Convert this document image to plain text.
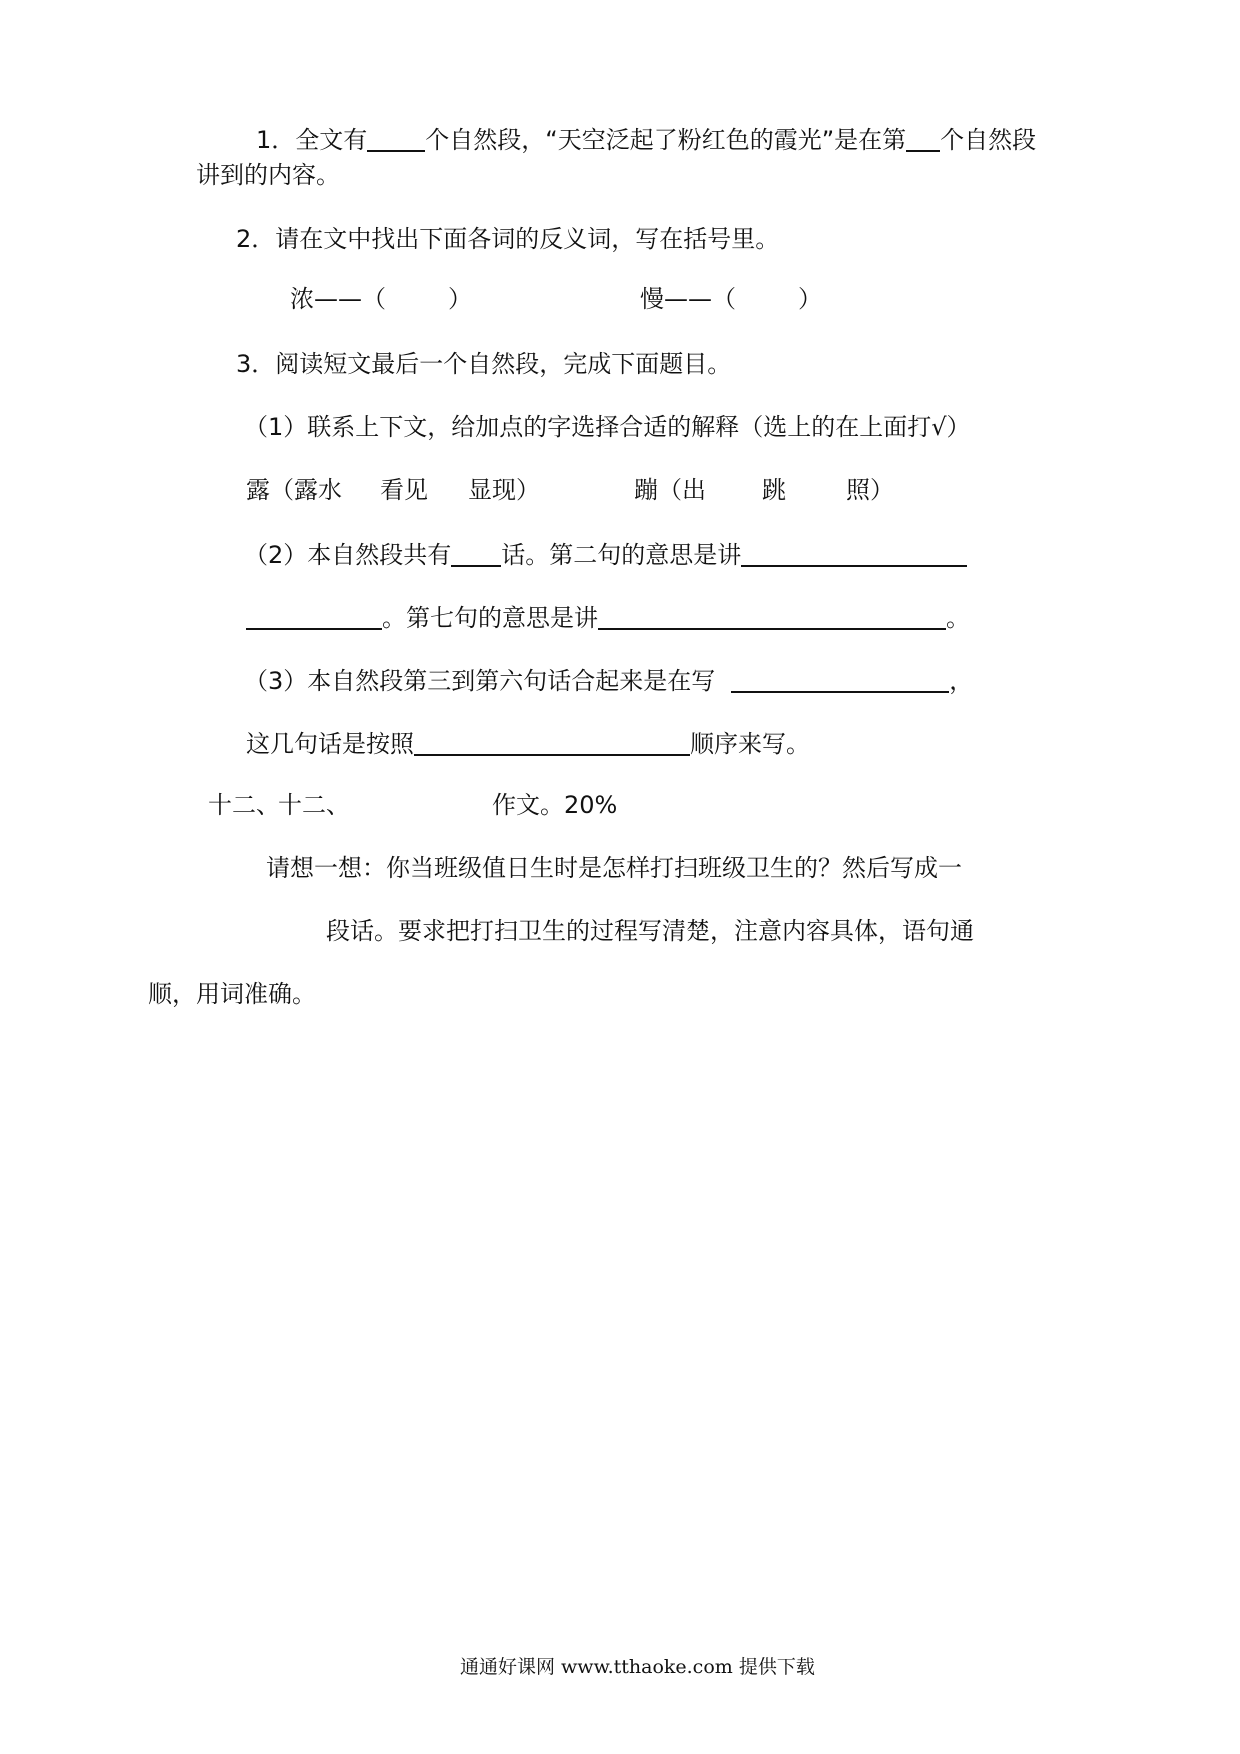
1．全文有 个自然段，“天空泛起了粉红色的霞光”是在第 个自然段
讲到的内容。
2．请在文中找出下面各词的反义词，写在括号里。
浓——（	）	慢——（	）
3．阅读短文最后一个自然段，完成下面题目。
（1）联系上下文，给加点的字选择合适的解释（选上的在上面打√）
露（露水 看见 显现）	蹦（出 跳	照）
（2）本自然段共有 话。第二句的意思是讲
。第七句的意思是讲	。
（3）本自然段第三到第六句话合起来是在写	，
这几句话是按照	顺序来写。
十二、
十二、	作文。20%
请想一想：你当班级值日生时是怎样打扫班级卫生的？然后写成一
段话。要求把打扫卫生的过程写清楚，注意内容具体，语句通
顺，用词准确。
通通好课网 www.tthaoke.com 提供下载
